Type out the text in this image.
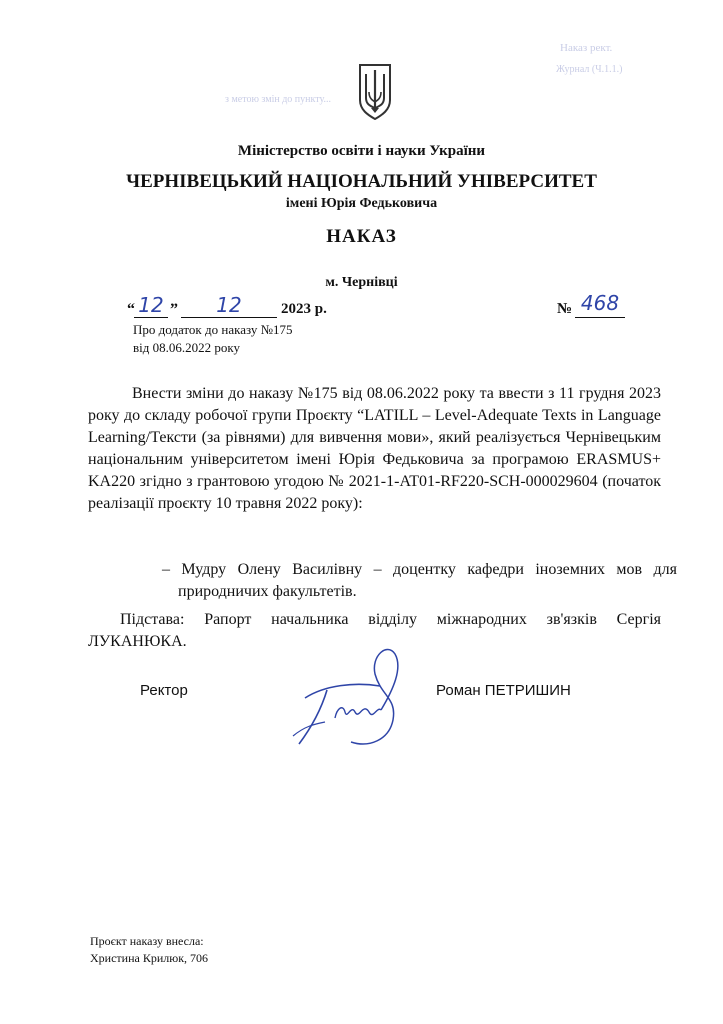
Наказ рект.
Журнал (Ч.1.1.)
з метою змін до пункту...
Міністерство освіти і науки України
ЧЕРНІВЕЦЬКИЙ НАЦІОНАЛЬНИЙ УНІВЕРСИТЕТ
імені Юрія Федьковича
НАКАЗ
м. Чернівці
“ 12 ”	12	2023 р.	№ 468
Про додаток до наказу №175
від 08.06.2022 року
Внести зміни до наказу №175 від 08.06.2022 року та ввести з 11 грудня 2023 року до складу робочої групи Проєкту “LATILL – Level-Adequate Texts in Language Learning/Тексти (за рівнями) для вивчення мови», який реалізується Чернівецьким національним університетом імені Юрія Федьковича за програмою ERASMUS+ KA220 згідно з грантовою угодою № 2021-1-AT01-RF220-SCH-000029604 (початок реалізації проєкту 10 травня 2022 року):
– Мудру Олену Василівну – доцентку кафедри іноземних мов для природничих факультетів.
Підстава: Рапорт начальника відділу міжнародних зв'язків Сергія ЛУКАНЮКА.
Ректор	Роман ПЕТРИШИН
Проєкт наказу внесла:
Христина Крилюк, 706
